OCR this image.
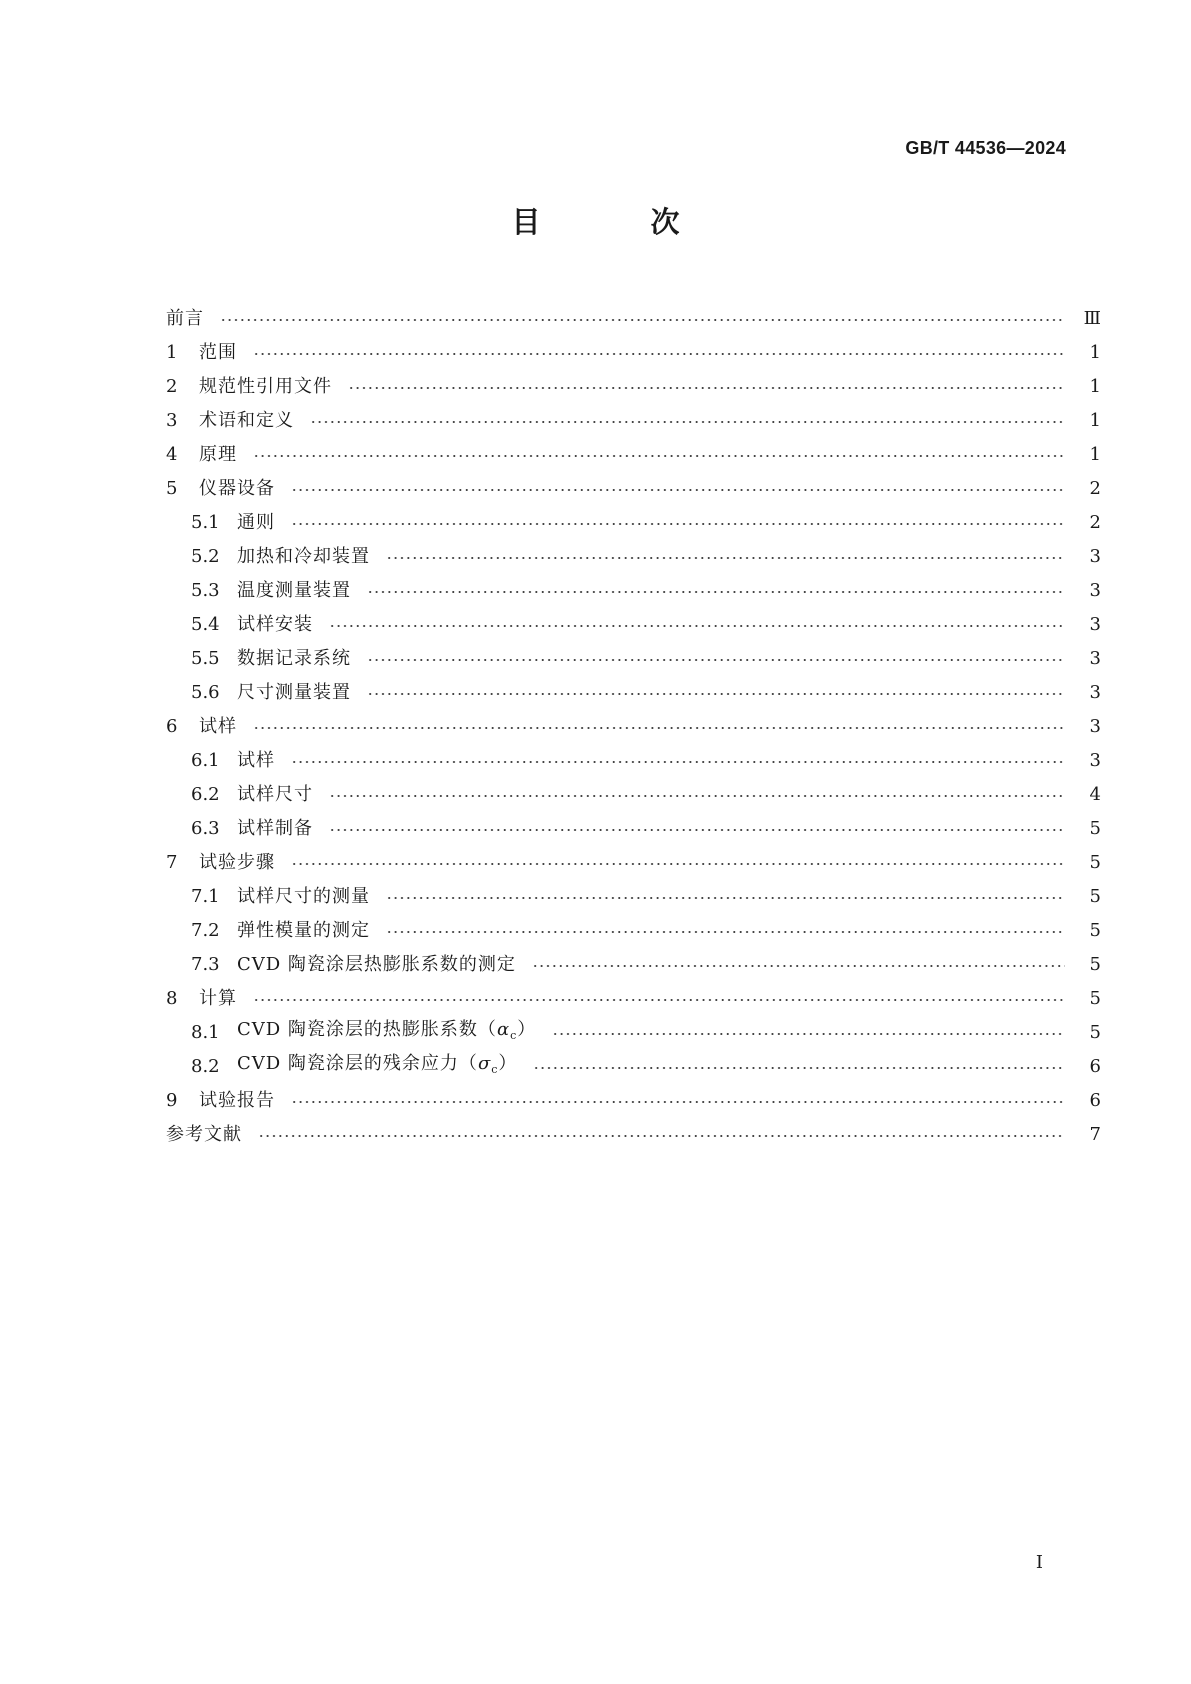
GB/T 44536—2024
目 次
前言	Ⅲ
1	范围	1
2	规范性引用文件	1
3	术语和定义	1
4	原理	1
5	仪器设备	2
5.1 通则	2
5.2 加热和冷却装置	3
5.3 温度测量装置	3
5.4 试样安装	3
5.5 数据记录系统	3
5.6 尺寸测量装置	3
6	试样	3
6.1 试样	3
6.2 试样尺寸	4
6.3 试样制备	5
7	试验步骤	5
7.1 试样尺寸的测量	5
7.2 弹性模量的测定	5
7.3 CVD 陶瓷涂层热膨胀系数的测定	5
8	计算	5
8.1 CVD 陶瓷涂层的热膨胀系数$(\alpha_c)$	5
8.2 CVD 陶瓷涂层的残余应力$(\sigma_c)$	6
9	试验报告	6
参考文献	7
Ⅰ
